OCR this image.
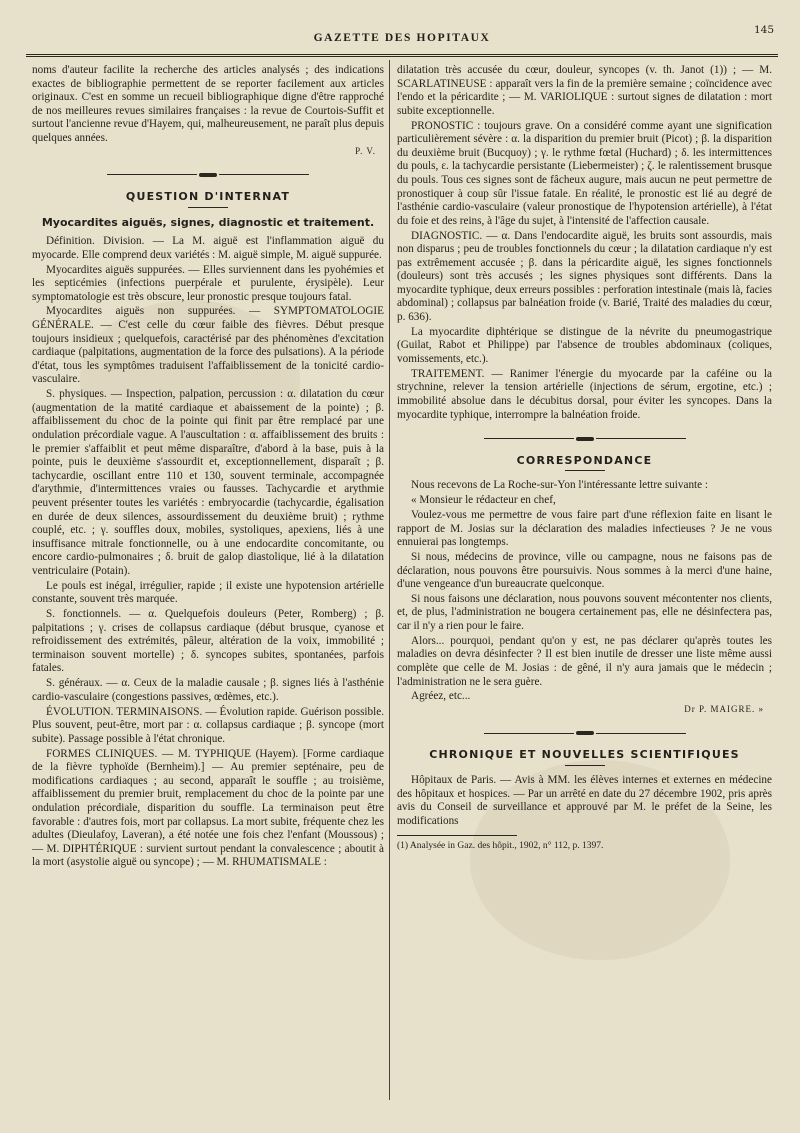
GAZETTE DES HOPITAUX
145

noms d'auteur facilite la recherche des articles analysés ; des indications exactes de bibliographie permettent de se reporter facilement aux articles originaux. C'est en somme un recueil bibliographique digne d'être rapproché de nos meilleures revues similaires françaises : la revue de Courtois-Suffit et surtout l'ancienne revue d'Hayem, qui, malheureusement, ne paraît plus depuis quelques années.

P. V.
QUESTION D'INTERNAT
Myocardites aiguës, signes, diagnostic et traitement.

Définition. Division. — La M. aiguë est l'inflammation aiguë du myocarde. Elle comprend deux variétés : M. aiguë simple, M. aiguë suppurée.

Myocardites aiguës suppurées. — Elles surviennent dans les pyohémies et les septicémies (infections puerpérale et purulente, érysipèle). Leur symptomatologie est très obscure, leur pronostic presque toujours fatal.

Myocardites aiguës non suppurées. — SYMPTOMATOLOGIE GÉNÉRALE. — C'est celle du cœur faible des fièvres. Début presque toujours insidieux ; quelquefois, caractérisé par des phénomènes d'excitation cardiaque (palpitations, augmentation de la force des pulsations). A la période d'état, tous les symptômes traduisent l'affaiblissement de la tonicité cardio-vasculaire.

S. physiques. — Inspection, palpation, percussion : α. dilatation du cœur (augmentation de la matité cardiaque et abaissement de la pointe) ; β. affaiblissement du choc de la pointe qui finit par être remplacé par une ondulation précordiale vague. A l'auscultation : α. affaiblissement des bruits : le premier s'affaiblit et peut même disparaître, d'abord à la base, puis à la pointe, puis le deuxième s'assourdit et, exceptionnellement, disparaît ; β. tachycardie, oscillant entre 110 et 130, souvent terminale, accompagnée d'arythmie, d'intermittences vraies ou fausses. Tachycardie et arythmie peuvent présenter toutes les variétés : embryocardie (tachycardie, égalisation en durée de deux silences, assourdissement du deuxième bruit) ; rythme couplé, etc. ; γ. souffles doux, mobiles, systoliques, apexiens, liés à une insuffisance mitrale fonctionnelle, ou à une endocardite concomitante, ou encore cardio-pulmonaires ; δ. bruit de galop diastolique, lié à la dilatation ventriculaire (Potain).

Le pouls est inégal, irrégulier, rapide ; il existe une hypotension artérielle constante, souvent très marquée.

S. fonctionnels. — α. Quelquefois douleurs (Peter, Romberg) ; β. palpitations ; γ. crises de collapsus cardiaque (début brusque, cyanose et refroidissement des extrémités, pâleur, altération de la voix, immobilité ; terminaison souvent mortelle) ; δ. syncopes subites, spontanées, parfois fatales.

S. généraux. — α. Ceux de la maladie causale ; β. signes liés à l'asthénie cardio-vasculaire (congestions passives, œdèmes, etc.).

ÉVOLUTION. TERMINAISONS. — Évolution rapide. Guérison possible. Plus souvent, peut-être, mort par : α. collapsus cardiaque ; β. syncope (mort subite). Passage possible à l'état chronique.

FORMES CLINIQUES. — M. TYPHIQUE (Hayem). [Forme cardiaque de la fièvre typhoïde (Bernheim).] — Au premier septénaire, peu de modifications cardiaques ; au second, apparaît le souffle ; au troisième, affaiblissement du premier bruit, remplacement du choc de la pointe par une ondulation précordiale, disparition du souffle. La terminaison peut être favorable : d'autres fois, mort par collapsus. La mort subite, fréquente chez les adultes (Dieulafoy, Laveran), a été notée une fois chez l'enfant (Moussous) ; — M. DIPHTÉRIQUE : survient surtout pendant la convalescence ; aboutit à la mort (asystolie aiguë ou syncope) ; — M. RHUMATISMALE :

dilatation très accusée du cœur, douleur, syncopes (v. th. Janot (1)) ; — M. SCARLATINEUSE : apparaît vers la fin de la première semaine ; coïncidence avec l'endo et la péricardite ; — M. VARIOLIQUE : surtout signes de dilatation : mort subite exceptionnelle.

PRONOSTIC : toujours grave. On a considéré comme ayant une signification particulièrement sévère : α. la disparition du premier bruit (Picot) ; β. la disparition du deuxième bruit (Bucquoy) ; γ. le rythme fœtal (Huchard) ; δ. les intermittences du pouls, ε. la tachycardie persistante (Liebermeister) ; ζ. le ralentissement brusque du pouls. Tous ces signes sont de fâcheux augure, mais aucun ne peut permettre de pronostiquer à coup sûr l'issue fatale. En réalité, le pronostic est lié au degré de l'asthénie cardio-vasculaire (valeur pronostique de l'hypotension artérielle), à l'état du foie et des reins, à l'âge du sujet, à l'intensité de l'affection causale.

DIAGNOSTIC. — α. Dans l'endocardite aiguë, les bruits sont assourdis, mais non disparus ; peu de troubles fonctionnels du cœur ; la dilatation cardiaque n'y est pas extrêmement accusée ; β. dans la péricardite aiguë, les signes fonctionnels (douleurs) sont très accusés ; les signes physiques sont différents. Dans la myocardite typhique, deux erreurs possibles : perforation intestinale (mais là, facies abdominal) ; collapsus par balnéation froide (v. Barié, Traité des maladies du cœur, p. 636).

La myocardite diphtérique se distingue de la névrite du pneumogastrique (Guilat, Rabot et Philippe) par l'absence de troubles abdominaux (coliques, vomissements, etc.).

TRAITEMENT. — Ranimer l'énergie du myocarde par la caféine ou la strychnine, relever la tension artérielle (injections de sérum, ergotine, etc.) ; immobilité absolue dans le décubitus dorsal, pour éviter les syncopes. Dans la myocardite typhique, interrompre la balnéation froide.

CORRESPONDANCE

Nous recevons de La Roche-sur-Yon l'intéressante lettre suivante :

« Monsieur le rédacteur en chef,

Voulez-vous me permettre de vous faire part d'une réflexion faite en lisant le rapport de M. Josias sur la déclaration des maladies infectieuses ? Je ne vous ennuierai pas longtemps.

Si nous, médecins de province, ville ou campagne, nous ne faisons pas de déclaration, nous pouvons être poursuivis. Nous sommes à la merci d'une haine, d'une vengeance d'un bureaucrate quelconque.

Si nous faisons une déclaration, nous pouvons souvent mécontenter nos clients, et, de plus, l'administration ne bougera certainement pas, elle ne désinfectera pas, car il n'y a rien pour le faire.

Alors... pourquoi, pendant qu'on y est, ne pas déclarer qu'après toutes les maladies on devra désinfecter ? Il est bien inutile de dresser une liste même aussi complète que celle de M. Josias : de gêné, il n'y aura jamais que le médecin ; l'administration ne le sera guère.

Agréez, etc...

Dr P. MAIGRE. »
CHRONIQUE ET NOUVELLES SCIENTIFIQUES

Hôpitaux de Paris. — Avis à MM. les élèves internes et externes en médecine des hôpitaux et hospices. — Par un arrêté en date du 27 décembre 1902, pris après avis du Conseil de surveillance et approuvé par M. le préfet de la Seine, les modifications

(1) Analysée in Gaz. des hôpit., 1902, n° 112, p. 1397.
